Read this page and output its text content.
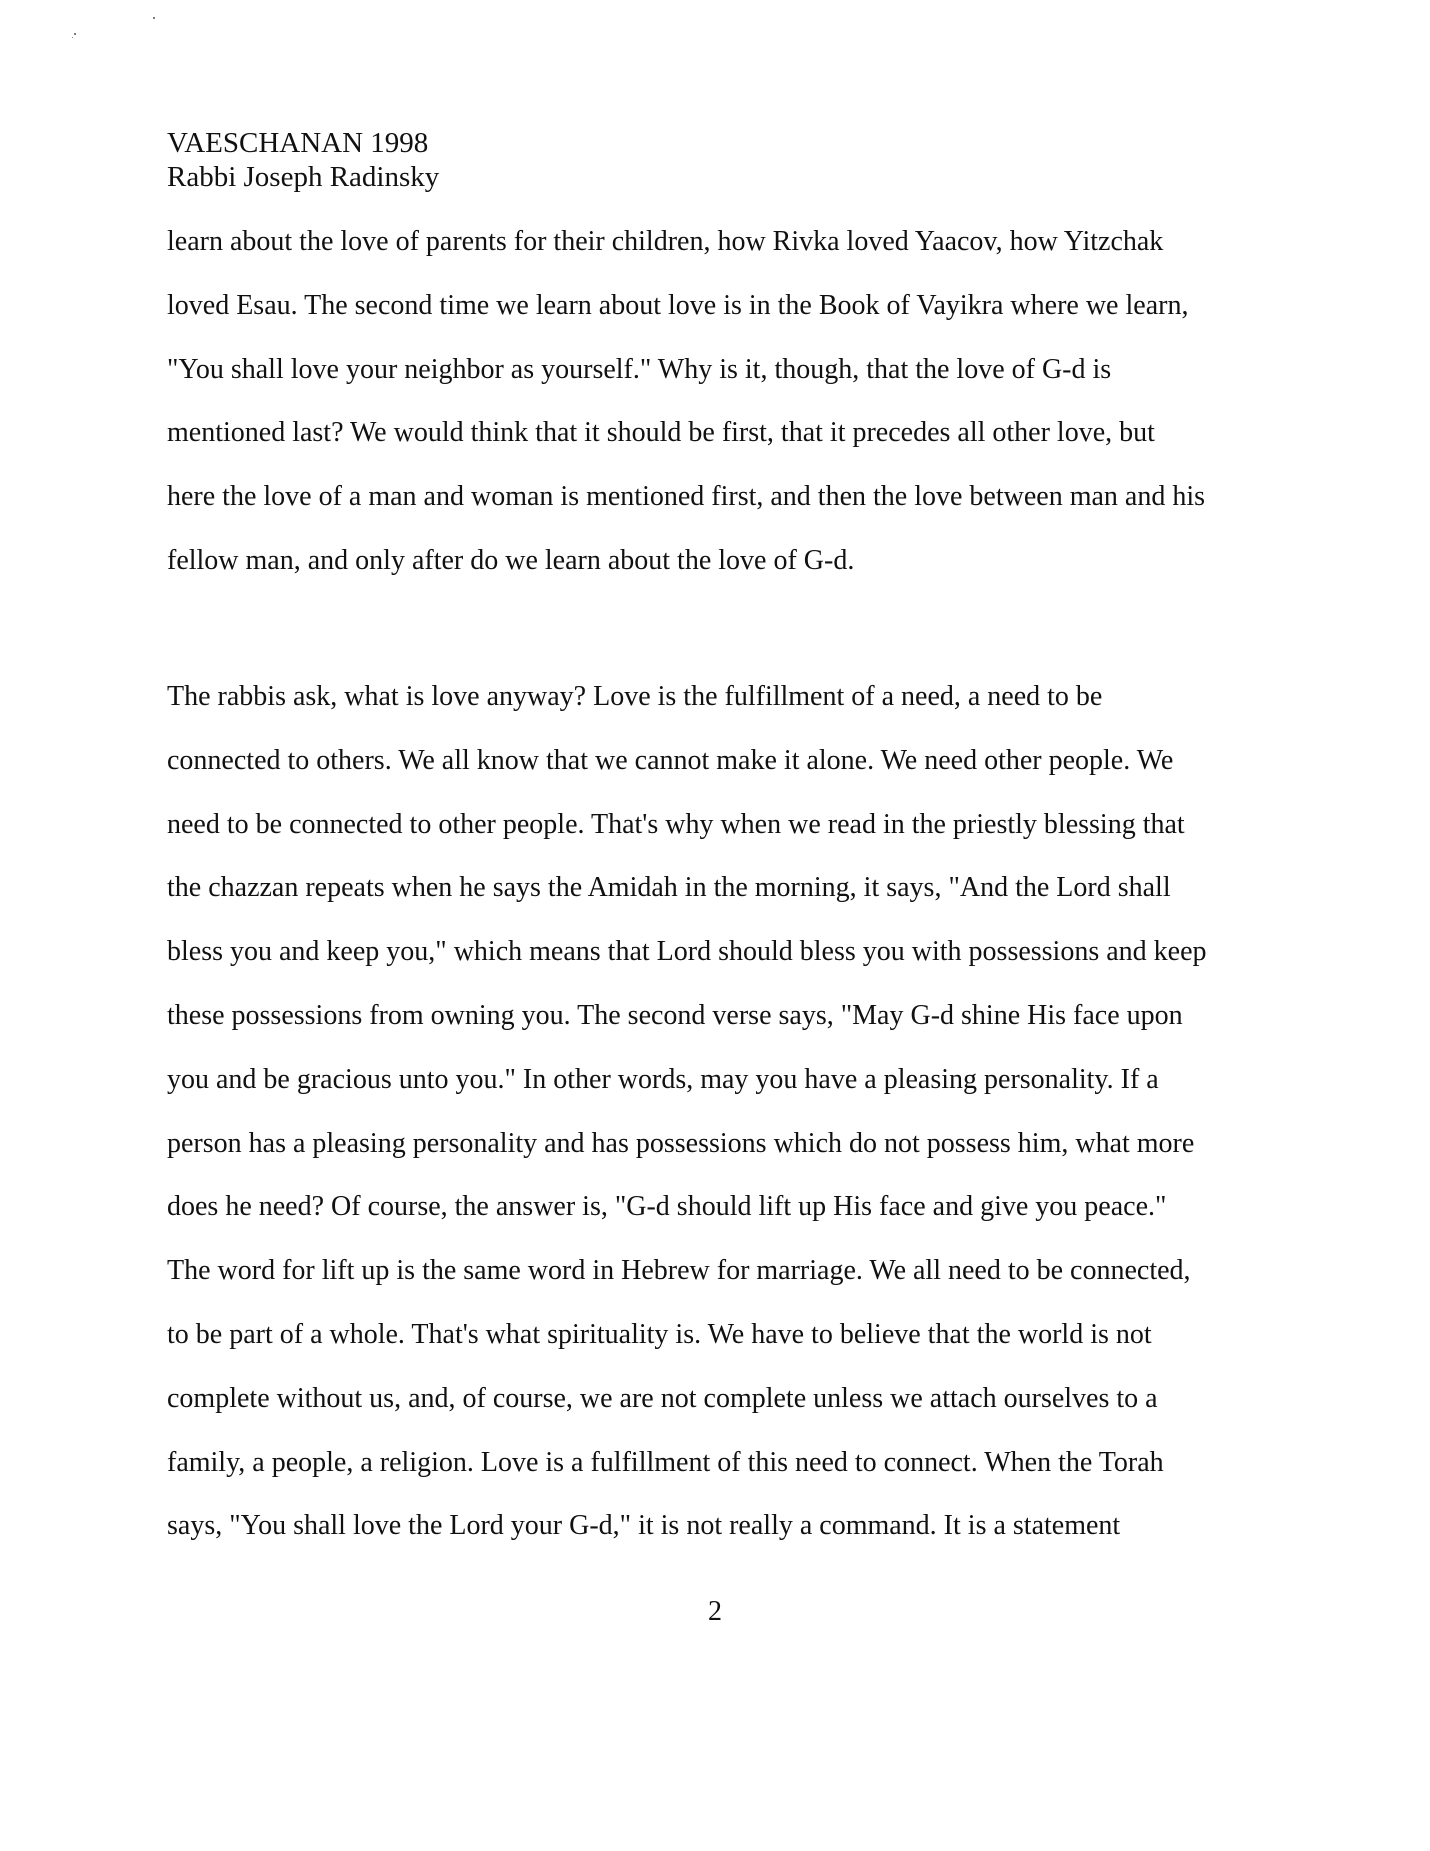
VAESCHANAN 1998
Rabbi Joseph Radinsky
learn about the love of parents for their children, how Rivka loved Yaacov, how Yitzchak
loved Esau. The second time we learn about love is in the Book of Vayikra where we learn,
"You shall love your neighbor as yourself." Why is it, though, that the love of G-d is
mentioned last? We would think that it should be first, that it precedes all other love, but
here the love of a man and woman is mentioned first, and then the love between man and his
fellow man, and only after do we learn about the love of G-d.
The rabbis ask, what is love anyway? Love is the fulfillment of a need, a need to be
connected to others. We all know that we cannot make it alone. We need other people. We
need to be connected to other people. That's why when we read in the priestly blessing that
the chazzan repeats when he says the Amidah in the morning, it says, "And the Lord shall
bless you and keep you," which means that Lord should bless you with possessions and keep
these possessions from owning you. The second verse says, "May G-d shine His face upon
you and be gracious unto you." In other words, may you have a pleasing personality. If a
person has a pleasing personality and has possessions which do not possess him, what more
does he need? Of course, the answer is, "G-d should lift up His face and give you peace."
The word for lift up is the same word in Hebrew for marriage. We all need to be connected,
to be part of a whole. That's what spirituality is. We have to believe that the world is not
complete without us, and, of course, we are not complete unless we attach ourselves to a
family, a people, a religion. Love is a fulfillment of this need to connect. When the Torah
says, "You shall love the Lord your G-d," it is not really a command. It is a statement
2
